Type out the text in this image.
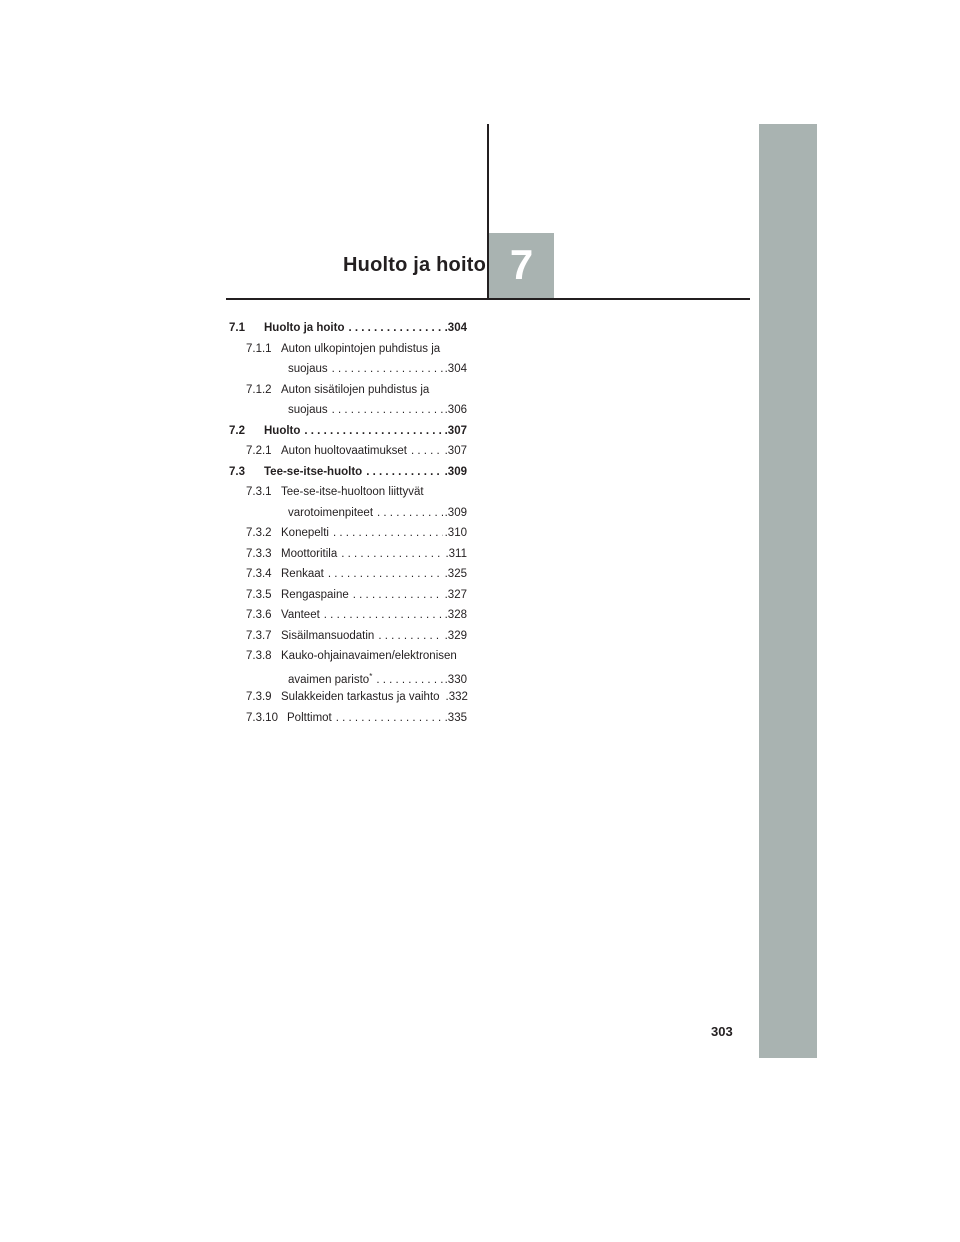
Huolto ja hoito 7
7.1	Huolto ja hoito . . .	.304
7.1.1 Auton ulkopintojen puhdistus ja
suojaus . . .	.304
7.1.2 Auton sisätilojen puhdistus ja
suojaus . . .	.306
7.2	Huolto . . .	.307
7.2.1 Auton huoltovaatimukset . . .	.307
7.3	Tee-se-itse-huolto . . .	.309
7.3.1 Tee-se-itse-huoltoon liittyvät
varotoimenpiteet . . .	.309
7.3.2 Konepelti . . .	.310
7.3.3 Moottoritila . . .	.311
7.3.4 Renkaat . . .	.325
7.3.5 Rengaspaine . . .	.327
7.3.6 Vanteet . . .	.328
7.3.7 Sisäilmansuodatin . . .	.329
7.3.8 Kauko-ohjainavaimen/elektronisen
avaimen paristo* . . .	.330
7.3.9 Sulakkeiden tarkastus ja vaihto . . . .332
7.3.10 Polttimot . . .	.335
303
